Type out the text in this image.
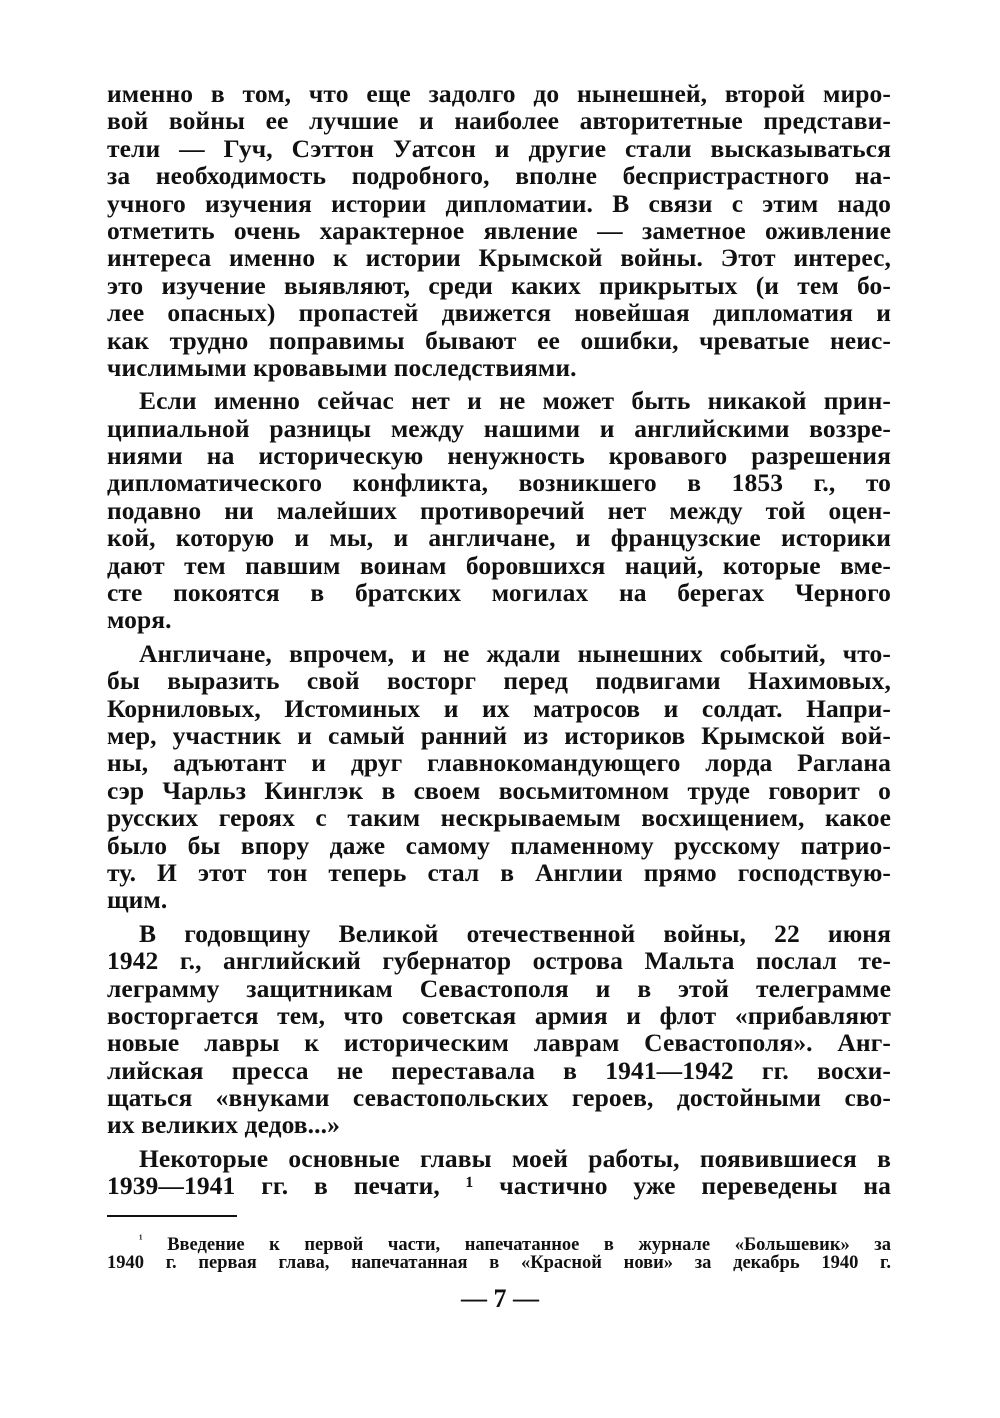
именно в том, что еще задолго до нынешней, второй миро-
вой войны ее лучшие и наиболее авторитетные представи-
тели — Гуч, Сэттон Уатсон и другие стали высказываться
за необходимость подробного, вполне беспристрастного на-
учного изучения истории дипломатии. В связи с этим надо
отметить очень характерное явление — заметное оживление
интереса именно к истории Крымской войны. Этот интерес,
это изучение выявляют, среди каких прикрытых (и тем бо-
лее опасных) пропастей движется новейшая дипломатия и
как трудно поправимы бывают ее ошибки, чреватые неис-
числимыми кровавыми последствиями.
Если именно сейчас нет и не может быть никакой прин-
ципиальной разницы между нашими и английскими воззре-
ниями на историческую ненужность кровавого разрешения
дипломатического конфликта, возникшего в 1853 г., то
подавно ни малейших противоречий нет между той оцен-
кой, которую и мы, и англичане, и французские историки
дают тем павшим воинам боровшихся наций, которые вме-
сте покоятся в братских могилах на берегах Черного
моря.
Англичане, впрочем, и не ждали нынешних событий, что-
бы выразить свой восторг перед подвигами Нахимовых,
Корниловых, Истоминых и их матросов и солдат. Напри-
мер, участник и самый ранний из историков Крымской вой-
ны, адъютант и друг главнокомандующего лорда Раглана
сэр Чарльз Кинглэк в своем восьмитомном труде говорит о
русских героях с таким нескрываемым восхищением, какое
было бы впору даже самому пламенному русскому патрио-
ту. И этот тон теперь стал в Англии прямо господствую-
щим.
В годовщину Великой отечественной войны, 22 июня
1942 г., английский губернатор острова Мальта послал те-
леграмму защитникам Севастополя и в этой телеграмме
восторгается тем, что советская армия и флот «прибавляют
новые лавры к историческим лаврам Севастополя». Анг-
лийская пресса не переставала в 1941—1942 гг. восхи-
щаться «внуками севастопольских героев, достойными сво-
их великих дедов...»
Некоторые основные главы моей работы, появившиеся в
1939—1941 гг. в печати, ¹ частично уже переведены на
$^{^1}$ Введение к первой части, напечатанное в журнале «Большевик» за
1940 г. первая глава, напечатанная в «Красной нови» за декабрь 1940 г.
— 7 —
